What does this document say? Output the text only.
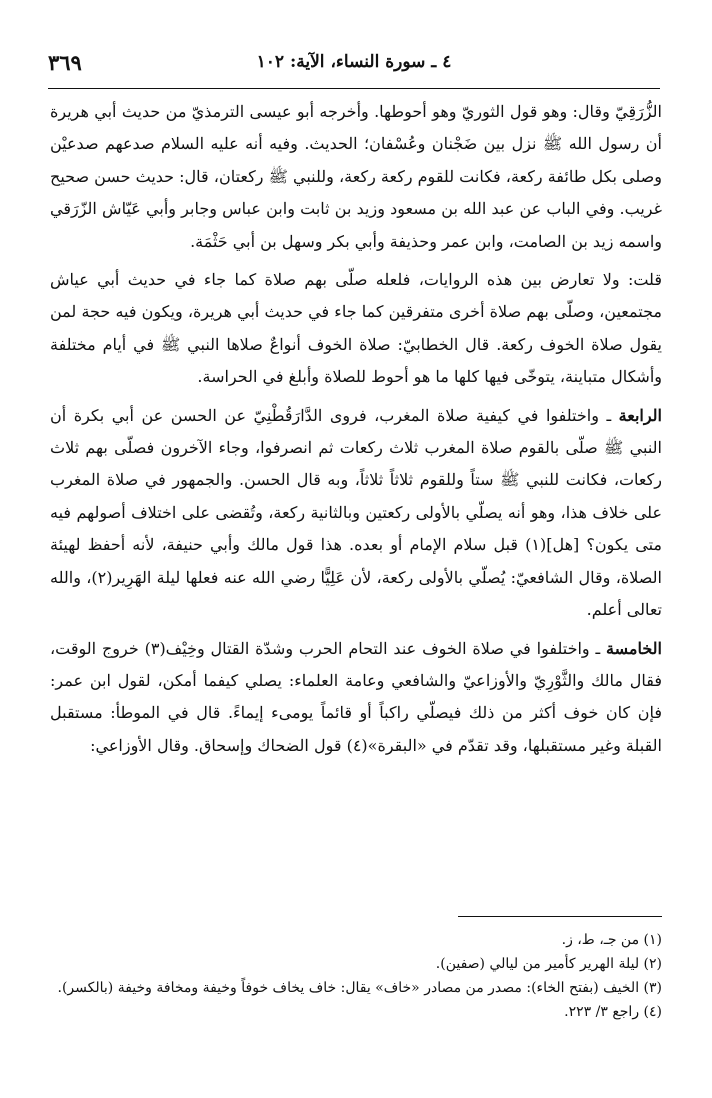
٣٦٩	٤ ـ سورة النساء، الآية: ١٠٢

الزُّرَقِيّ وقال: وهو قول الثوريّ وهو أحوطها. وأخرجه أبو عيسى الترمذيّ من حديث أبي هريرة أن رسول الله ﷺ نزل بين ضَجْنان وعُسْفان؛ الحديث. وفيه أنه عليه السلام صدعهم صدعيْن وصلى بكل طائفة ركعة، فكانت للقوم ركعة ركعة، وللنبي ﷺ ركعتان، قال: حديث حسن صحيح غريب. وفي الباب عن عبد الله بن مسعود وزيد بن ثابت وابن عباس وجابر وأبي عَيّاش الزّرَقي واسمه زيد بن الصامت، وابن عمر وحذيفة وأبي بكر وسهل بن أبي حَثْمَة.

قلت: ولا تعارض بين هذه الروايات، فلعله صلّى بهم صلاة كما جاء في حديث أبي عياش مجتمعين، وصلّى بهم صلاة أخرى متفرقين كما جاء في حديث أبي هريرة، ويكون فيه حجة لمن يقول صلاة الخوف ركعة. قال الخطابيّ: صلاة الخوف أنواعٌ صلاها النبي ﷺ في أيام مختلفة وأشكال متباينة، يتوخّى فيها كلها ما هو أحوط للصلاة وأبلغ في الحراسة.

الرابعة ـ واختلفوا في كيفية صلاة المغرب، فروى الدَّارَقُطْنِيّ عن الحسن عن أبي بكرة أن النبي ﷺ صلّى بالقوم صلاة المغرب ثلاث ركعات ثم انصرفوا، وجاء الآخرون فصلّى بهم ثلاث ركعات، فكانت للنبي ﷺ ستاً وللقوم ثلاثاً ثلاثاً، وبه قال الحسن. والجمهور في صلاة المغرب على خلاف هذا، وهو أنه يصلّي بالأولى ركعتين وبالثانية ركعة، وتُقضى على اختلاف أصولهم فيه متى يكون؟ [هل](١) قبل سلام الإمام أو بعده. هذا قول مالك وأبي حنيفة، لأنه أحفظ لهيئة الصلاة، وقال الشافعيّ: يُصلّي بالأولى ركعة، لأن عَلِيًّا رضي الله عنه فعلها ليلة الهَرِير(٢)، والله تعالى أعلم.

الخامسة ـ واختلفوا في صلاة الخوف عند التحام الحرب وشدّة القتال وخِيْف(٣) خروج الوقت، فقال مالك والثَّوْرِيّ والأوزاعيّ والشافعي وعامة العلماء: يصلي كيفما أمكن، لقول ابن عمر: فإن كان خوف أكثر من ذلك فيصلّي راكباً أو قائماً يومىء إيماءً. قال في الموطأ: مستقبل القبلة وغير مستقبلها، وقد تقدّم في «البقرة»(٤) قول الضحاك وإسحاق. وقال الأوزاعي:

(١) من جـ، ط، ز.

(٢) ليلة الهرير كأمير من ليالي (صفين).

(٣) الخيف (بفتح الخاء): مصدر من مصادر «خاف» يقال: خاف يخاف خوفاً وخيفة ومخافة وخيفة (بالكسر).

(٤) راجع ٣/ ٢٢٣.
